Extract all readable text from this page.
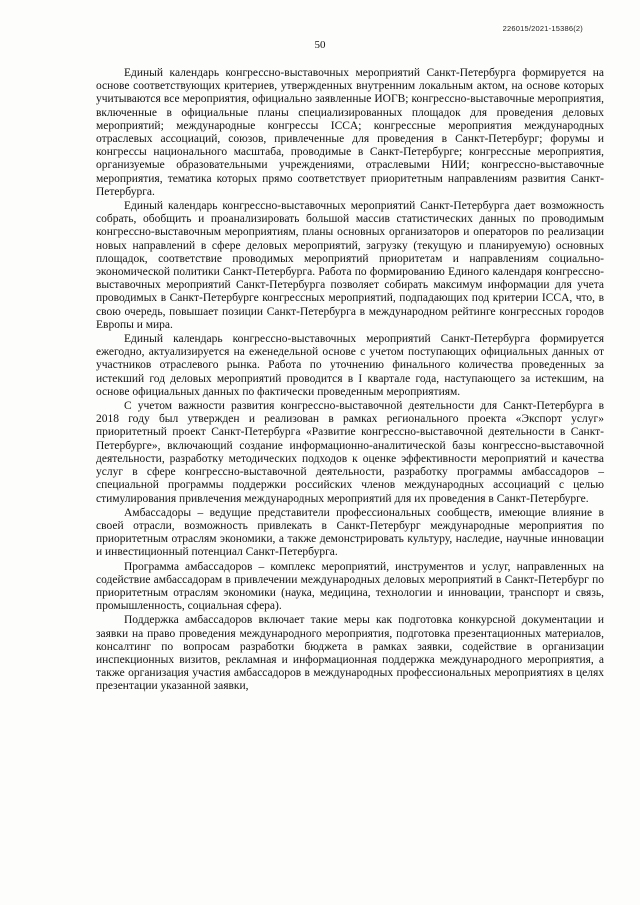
226015/2021-15386(2)
50

Единый календарь конгрессно-выставочных мероприятий Санкт-Петербурга формируется на основе соответствующих критериев, утвержденных внутренним локальным актом, на основе которых учитываются все мероприятия, официально заявленные ИОГВ; конгрессно-выставочные мероприятия, включенные в официальные планы специализированных площадок для проведения деловых мероприятий; международные конгрессы ICCA; конгрессные мероприятия международных отраслевых ассоциаций, союзов, привлеченные для проведения в Санкт-Петербург; форумы и конгрессы национального масштаба, проводимые в Санкт-Петербурге; конгрессные мероприятия, организуемые образовательными учреждениями, отраслевыми НИИ; конгрессно-выставочные мероприятия, тематика которых прямо соответствует приоритетным направлениям развития Санкт-Петербурга.

Единый календарь конгрессно-выставочных мероприятий Санкт-Петербурга дает возможность собрать, обобщить и проанализировать большой массив статистических данных по проводимым конгрессно-выставочным мероприятиям, планы основных организаторов и операторов по реализации новых направлений в сфере деловых мероприятий, загрузку (текущую и планируемую) основных площадок, соответствие проводимых мероприятий приоритетам и направлениям социально-экономической политики Санкт-Петербурга. Работа по формированию Единого календаря конгрессно-выставочных мероприятий Санкт-Петербурга позволяет собирать максимум информации для учета проводимых в Санкт-Петербурге конгрессных мероприятий, подпадающих под критерии ICCA, что, в свою очередь, повышает позиции Санкт-Петербурга в международном рейтинге конгрессных городов Европы и мира.

Единый календарь конгрессно-выставочных мероприятий Санкт-Петербурга формируется ежегодно, актуализируется на еженедельной основе с учетом поступающих официальных данных от участников отраслевого рынка. Работа по уточнению финального количества проведенных за истекший год деловых мероприятий проводится в I квартале года, наступающего за истекшим, на основе официальных данных по фактически проведенным мероприятиям.

С учетом важности развития конгрессно-выставочной деятельности для Санкт-Петербурга в 2018 году был утвержден и реализован в рамках регионального проекта «Экспорт услуг» приоритетный проект Санкт-Петербурга «Развитие конгрессно-выставочной деятельности в Санкт-Петербурге», включающий создание информационно-аналитической базы конгрессно-выставочной деятельности, разработку методических подходов к оценке эффективности мероприятий и качества услуг в сфере конгрессно-выставочной деятельности, разработку программы амбассадоров – специальной программы поддержки российских членов международных ассоциаций с целью стимулирования привлечения международных мероприятий для их проведения в Санкт-Петербурге.

Амбассадоры – ведущие представители профессиональных сообществ, имеющие влияние в своей отрасли, возможность привлекать в Санкт-Петербург международные мероприятия по приоритетным отраслям экономики, а также демонстрировать культуру, наследие, научные инновации и инвестиционный потенциал Санкт-Петербурга.

Программа амбассадоров – комплекс мероприятий, инструментов и услуг, направленных на содействие амбассадорам в привлечении международных деловых мероприятий в Санкт-Петербург по приоритетным отраслям экономики (наука, медицина, технологии и инновации, транспорт и связь, промышленность, социальная сфера).

Поддержка амбассадоров включает такие меры как подготовка конкурсной документации и заявки на право проведения международного мероприятия, подготовка презентационных материалов, консалтинг по вопросам разработки бюджета в рамках заявки, содействие в организации инспекционных визитов, рекламная и информационная поддержка международного мероприятия, а также организация участия амбассадоров в международных профессиональных мероприятиях в целях презентации указанной заявки,
